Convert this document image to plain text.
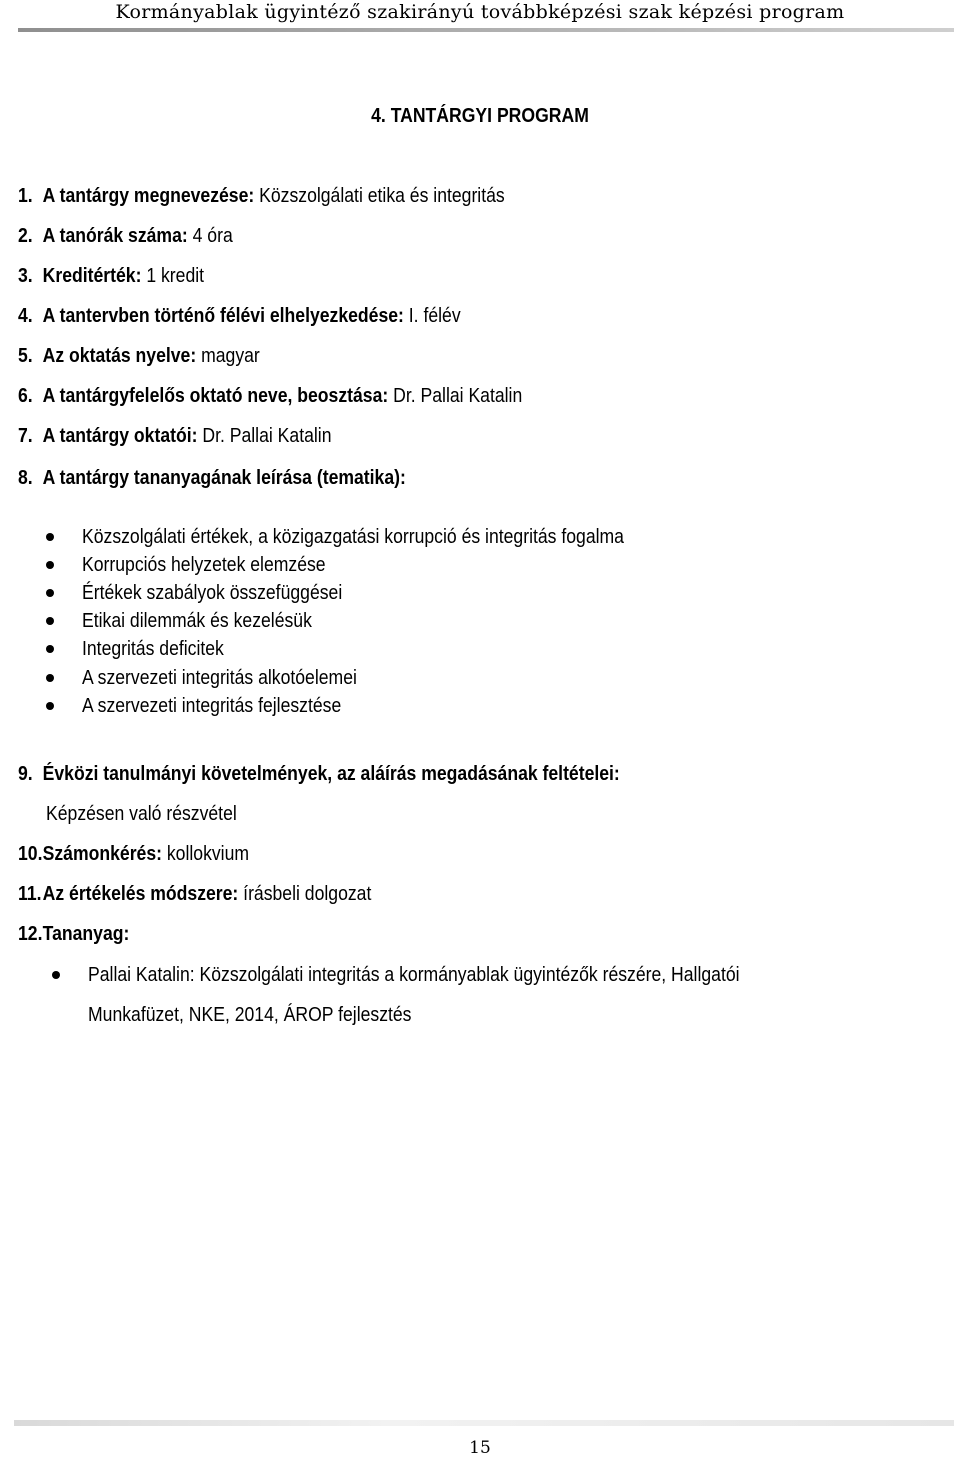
Kormányablak ügyintéző szakirányú továbbképzési szak képzési program
4. TANTÁRGYI PROGRAM
1. A tantárgy megnevezése: Közszolgálati etika és integritás
2. A tanórák száma: 4 óra
3. Kreditérték: 1 kredit
4. A tantervben történő félévi elhelyezkedése: I. félév
5. Az oktatás nyelve: magyar
6. A tantárgyfelelős oktató neve, beosztása: Dr. Pallai Katalin
7. A tantárgy oktatói: Dr. Pallai Katalin
8. A tantárgy tananyagának leírása (tematika):
Közszolgálati értékek, a közigazgatási korrupció és integritás fogalma
Korrupciós helyzetek elemzése
Értékek szabályok összefüggései
Etikai dilemmák és kezelésük
Integritás deficitek
A szervezeti integritás alkotóelemei
A szervezeti integritás fejlesztése
9. Évközi tanulmányi követelmények, az aláírás megadásának feltételei:
Képzésen való részvétel
10.Számonkérés: kollokvium
11.Az értékelés módszere: írásbeli dolgozat
12.Tananyag:
Pallai Katalin: Közszolgálati integritás a kormányablak ügyintézők részére, Hallgatói
Munkafüzet, NKE, 2014, ÁROP fejlesztés
15
